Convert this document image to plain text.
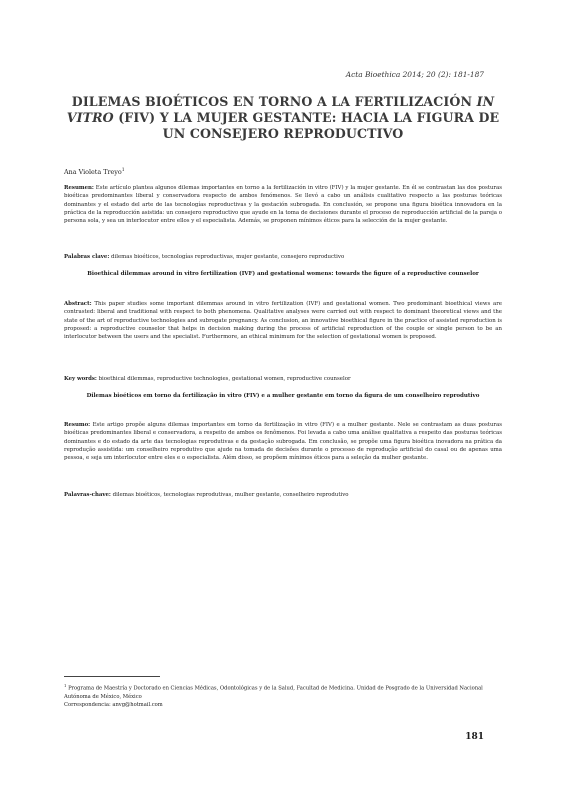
Acta Bioethica 2014; 20 (2): 181-187
DILEMAS BIOÉTICOS EN TORNO A LA FERTILIZACIÓN IN VITRO (FIV) Y LA MUJER GESTANTE: HACIA LA FIGURA DE UN CONSEJERO REPRODUCTIVO
Ana Violeta Treyo$^1$
Resumen: Este artículo plantea algunos dilemas importantes en torno a la fertilización in vitro (FIV) y la mujer gestante. En él se contrastan las dos posturas bioéticas predominantes liberal y conservadora respecto de ambos fenómenos. Se llevó a cabo un análisis cualitativo respecto a las posturas teóricas dominantes y el estado del arte de las tecnologías reproductivas y la gestación subrogada. En conclusión, se propone una figura bioética innovadora en la práctica de la reproducción asistida: un consejero reproductivo que ayude en la toma de decisiones durante el proceso de reproducción artificial de la pareja o persona sola, y sea un interlocutor entre ellos y el especialista. Además, se proponen mínimos éticos para la selección de la mujer gestante.
Palabras clave: dilemas bioéticos, tecnologías reproductivas, mujer gestante, consejero reproductivo
Bioethical dilemmas around in vitro fertilization (IVF) and gestational womens: towards the figure of a reproductive counselor
Abstract: This paper studies some important dilemmas around in vitro fertilization (IVF) and gestational women. Two predominant bioethical views are contrasted: liberal and traditional with respect to both phenomena. Qualitative analyses were carried out with respect to dominant theoretical views and the state of the art of reproductive technologies and subrogate pregnancy. As conclusion, an innovative bioethical figure in the practice of assisted reproduction is proposed: a reproductive counselor that helps in decision making during the process of artificial reproduction of the couple or single person to be an interlocutor between the users and the specialist. Furthermore, an ethical minimum for the selection of gestational women is proposed.
Key words: bioethical dilemmas, reproductive technologies, gestational women, reproductive counselor
Dilemas bioéticos em torno da fertilização in vitro (FIV) e a mulher gestante em torno da figura de um conselheiro reprodutivo
Resumo: Este artigo propõe alguns dilemas importantes em torno da fertilização in vitro (FIV) e a mulher gestante. Nele se contrastam as duas posturas bioéticas predominantes liberal e conservadora, a respeito de ambos os fenômenos. Foi levada a cabo uma análise qualitativa a respeito das posturas teóricas dominantes e do estado da arte das tecnologias reprodutivas e da gestação subrogada. Em conclusão, se propõe uma figura bioética inovadora na prática da reprodução assistida: um conselheiro reprodutivo que ajude na tomada de decisões durante o processo de reprodução artificial do casal ou de apenas uma pessoa, e seja um interlocutor entre eles e o especialista. Além disso, se propõem mínimos éticos para a seleção da mulher gestante.
Palavras-chave: dilemas bioéticos, tecnologias reprodutivas, mulher gestante, conselheiro reprodutivo
$^1$ Programa de Maestría y Doctorado en Ciencias Médicas, Odontológicas y de la Salud, Facultad de Medicina. Unidad de Posgrado de la Universidad Nacional Autónoma de México, México
Correspondencia: anvg@hotmail.com
181
